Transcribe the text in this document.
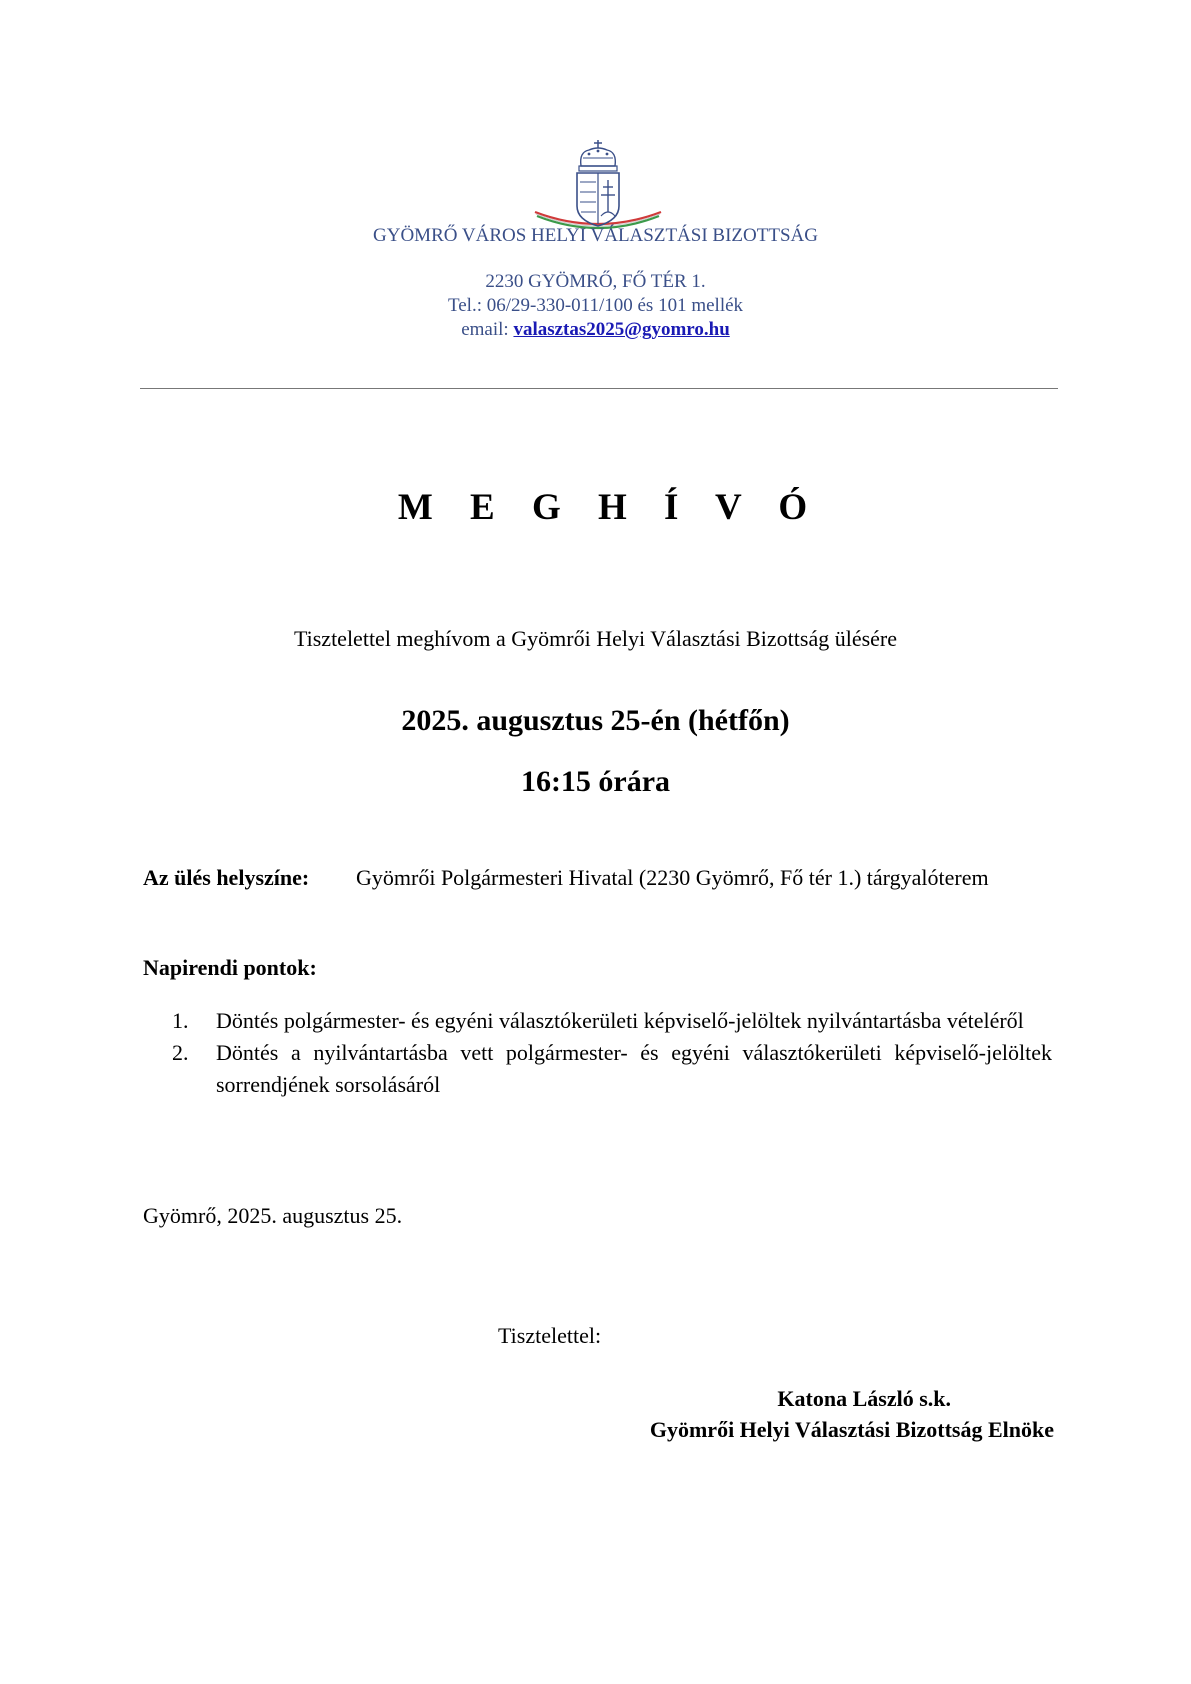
GYÖMRŐ VÁROS HELYI VÁLASZTÁSI BIZOTTSÁG
2230 GYÖMRŐ, FŐ TÉR 1.
Tel.: 06/29-330-011/100 és 101 mellék
email: valasztas2025@gyomro.hu
M E G H Í V Ó
Tisztelettel meghívom a Gyömrői Helyi Választási Bizottság ülésére
2025. augusztus 25-én (hétfőn)
16:15 órára
Az ülés helyszíne: Gyömrői Polgármesteri Hivatal (2230 Gyömrő, Fő tér 1.) tárgyalóterem
Napirendi pontok:
1. Döntés polgármester- és egyéni választókerületi képviselő-jelöltek nyilvántartásba vételéről
2. Döntés a nyilvántartásba vett polgármester- és egyéni választókerületi képviselő-jelöltek sorrendjének sorsolásáról
Gyömrő, 2025. augusztus 25.
Tisztelettel:
Katona László s.k.
Gyömrői Helyi Választási Bizottság Elnöke
